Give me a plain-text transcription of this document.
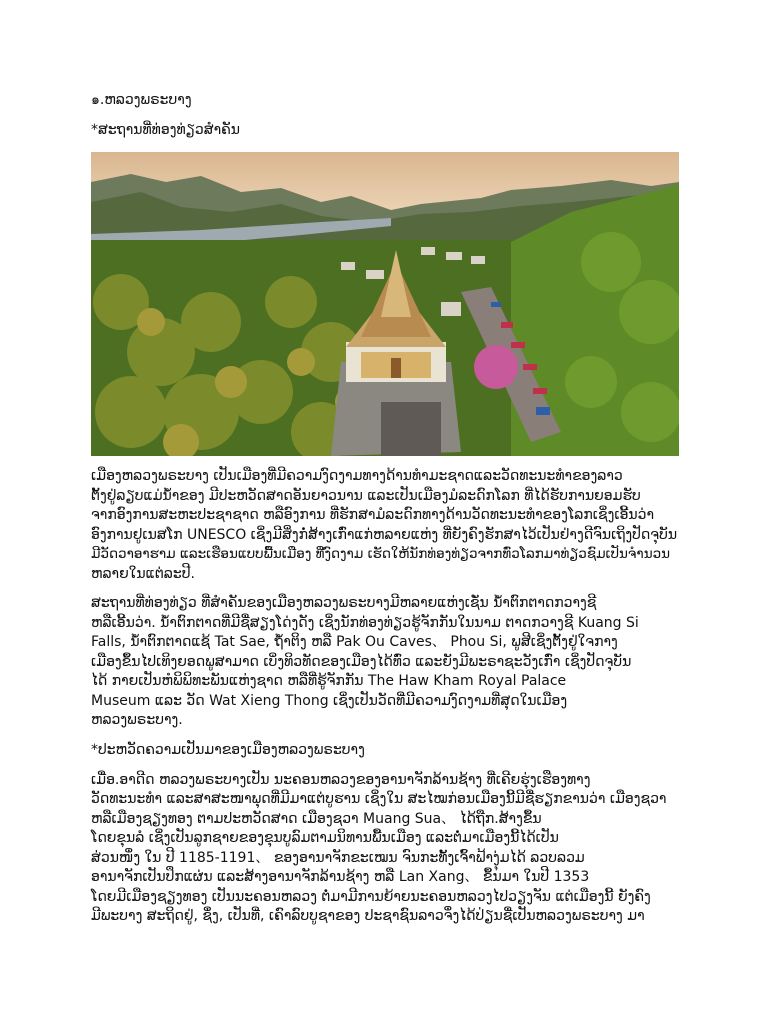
๑.ຫລວງພຣະບາງ
*ສະຖານທີ່ທ່ອງທ່ຽວສຳຄັນ
ເມືອງຫລວງພຣະບາງ ເປັນເມືອງທີ່ມີຄວາມງົດງາມທາງດ້ານທຳມະຊາດແລະວັດທະນະທຳຂອງລາວ
ຕັ້ງຢູ່ລຽບແມ່ນ້ຳຂອງ ມີປະຫວັດສາດອັນຍາວນານ ແລະເປັນເມືອງມໍລະດົກໂລກ ທີ່ໄດ້ຮັບການຍອມຮັບ
ຈາກອົງການສະຫະປະຊາຊາດ ຫລືອົງການ ທີ່ຮັກສາມໍລະດົກທາງດ້ານວັດທະນະທຳຂອງໂລກເຊິ່ງເອີ້ນວ່າ
ອົງການຢູເນສໂກ UNESCO ເຊິ່ງມີສິ່ງກໍ່ສ້າງເກົ່າແກ່ຫລາຍແຫ່ງ ທີ່ຍັງຄົງຮັກສາໄວ້ເປັນຢ່າງດີຈົນເຖິງປັດຈຸບັນ
ມີວັດວາອາຮາມ ແລະເຮືອນແບບພື້ນເມືອງ ທີ່ງົດງາມ ເຮັດໃຫ້ນັກທ່ອງທ່ຽວຈາກທົ່ວໂລກມາທ່ຽວຊົມເປັນຈຳນວນ
ຫລາຍໃນແຕ່ລະປີ.
ສະຖານທີ່ທ່ອງທ່ຽວ ທີ່ສຳຄັນຂອງເມືອງຫລວງພຣະບາງມີຫລາຍແຫ່ງເຊັ່ນ ນ້ຳຕົກຕາດກວາງຊີ
ຫລືເອີ້ນວ່າ. ນ້ຳຕົກຕາດທີ່ມີຊື່ສຽງໂດ່ງດັງ ເຊິ່ງນັກທ່ອງທ່ຽວຮູ້ຈັກກັນໃນນາມ ຕາດກວາງຊີ Kuang Si
Falls, ນ້ຳຕົກຕາດແຊ້ Tat Sae, ຖ້ຳຕິງ ຫລື Pak Ou Caves、 Phou Si, ພູສີເຊິ່ງຕັ້ງຢູ່ໃຈກາງ
ເມືອງຂຶ້ນໄປເທິງຍອດພູສາມາດ ເບິ່ງທິວທັດຂອງເມືອງໄດ້ທົ່ວ ແລະຍັງມີພະຣາຊະວັງເກົ່າ ເຊິ່ງປັດຈຸບັນ
ໄດ້ ກາຍເປັນຫໍພິພິທະພັນແຫ່ງຊາດ ຫລືທີ່ຮູ້ຈັກກັນ The Haw Kham Royal Palace
Museum ແລະ ວັດ Wat Xieng Thong ເຊິ່ງເປັນວັດທີ່ມີຄວາມງົດງາມທີ່ສຸດໃນເມືອງ
ຫລວງພຣະບາງ.
*ປະຫວັດຄວາມເປັນມາຂອງເມືອງຫລວງພຣະບາງ
ເມື່ອ.ອາດີດ ຫລວງພຣະບາງເປັນ ນະຄອນຫລວງຂອງອານາຈັກລ້ານຊ້າງ ທີ່ເຄີຍຮຸ່ງເຮືອງທາງ
ວັດທະນະທຳ ແລະສາສະໜາພຸດທີ່ມີມາແຕ່ບູຮານ ເຊິ່ງໃນ ສະໄໝກ່ອນເມືອງນີ້ມີຊື່ຮຽກຂານວ່າ ເມືອງຊວາ
ຫລືເມືອງຊຽງທອງ ຕາມປະຫວັດສາດ ເມືອງຊວາ Muang Sua、 ໄດ້ຖືກ.ສ້າງຂຶ້ນ
ໂດຍຂຸນລໍ ເຊິ່ງເປັນລູກຊາຍຂອງຂຸນບູລົມຕາມນິທານພື້ນເມືອງ ແລະຕໍ່ມາເມືອງນີ້ໄດ້ເປັນ
ສ່ວນໜຶ່ງ ໃນ ປີ 1185-1191、 ຂອງອານາຈັກຂະເໝນ ຈົນກະທັ້ງເຈົ້າຟ້າງຸ່ມໄດ້ ລວບລວມ
ອານາຈັກເປັນປຶກແຜ່ນ ແລະສ້າງອານາຈັກລ້ານຊ້າງ ຫລື Lan Xang、 ຂຶ້ນມາ ໃນປີ 1353
ໂດຍມີເມືອງຊຽງທອງ ເປັນນະຄອນຫລວງ ຕໍ່ມາມີການຍ້າຍນະຄອນຫລວງໄປວຽງຈັນ ແຕ່ເມືອງນີ້ ຍັງຄົງ
ມີພະບາງ ສະຖິດຢູ່, ຊຶ່ງ, ເປັນທີ່, ເຄົາລົບບູຊາຂອງ ປະຊາຊົນລາວຈຶ່ງໄດ້ປ່ຽນຊື່ເປັນຫລວງພຣະບາງ ມາ
